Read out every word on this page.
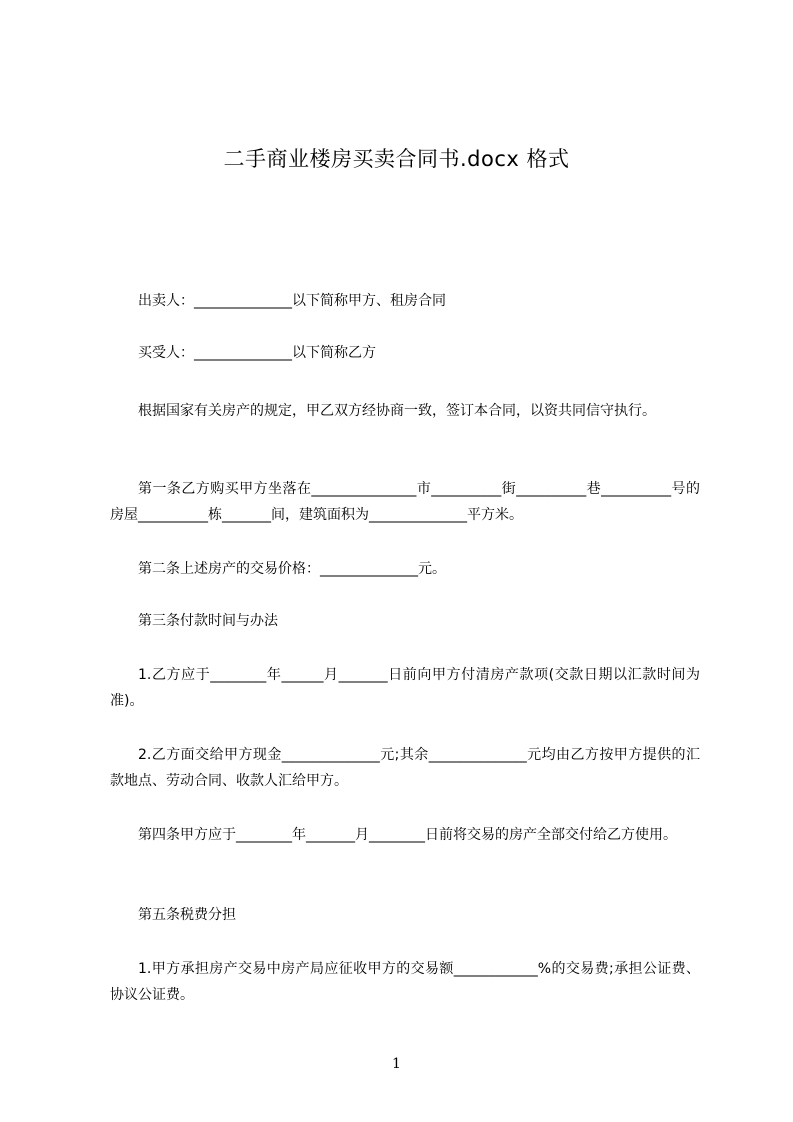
二手商业楼房买卖合同书.docx 格式
出卖人：______________以下简称甲方、租房合同
买受人：______________以下简称乙方
根据国家有关房产的规定，甲乙双方经协商一致，签订本合同，以资共同信守执行。
第一条乙方购买甲方坐落在_______________市__________街__________巷__________号的房屋__________栋_______间，建筑面积为______________平方米。
第二条上述房产的交易价格：______________元。
第三条付款时间与办法
1.乙方应于________年______月_______日前向甲方付清房产款项(交款日期以汇款时间为准)。
2.乙方面交给甲方现金______________元;其余______________元均由乙方按甲方提供的汇款地点、劳动合同、收款人汇给甲方。
第四条甲方应于________年_______月________日前将交易的房产全部交付给乙方使用。
第五条税费分担
1.甲方承担房产交易中房产局应征收甲方的交易额____________%的交易费;承担公证费、协议公证费。
1
